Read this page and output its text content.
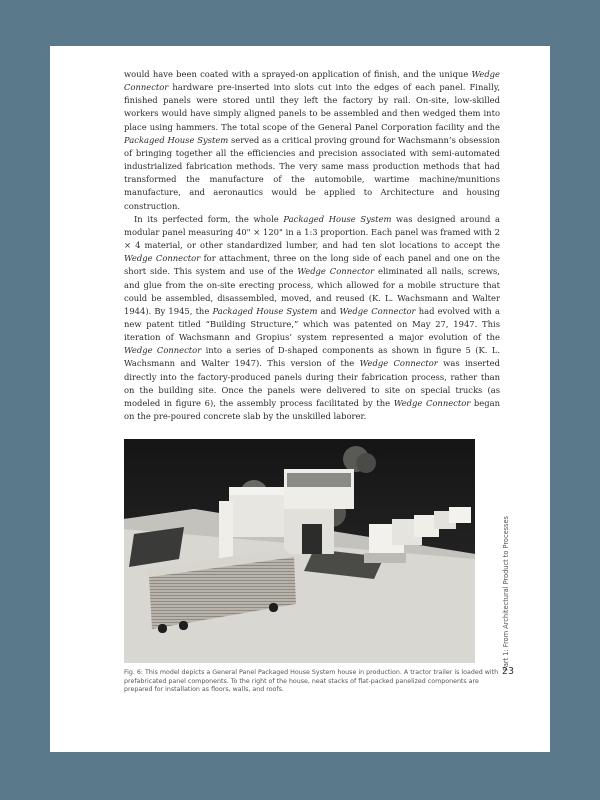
would have been coated with a sprayed-on application of finish, and the unique Wedge Connector hardware pre-inserted into slots cut into the edges of each panel. Finally, finished panels were stored until they left the factory by rail. On-site, low-skilled workers would have simply aligned panels to be assembled and then wedged them into place using hammers. The total scope of the General Panel Corporation facility and the Packaged House System served as a critical proving ground for Wachsmann’s obsession of bringing together all the efficiencies and precision associated with semi-automated industrialized fabrication methods. The very same mass production methods that had transformed the manufacture of the automobile, wartime machine/munitions manufacture, and aeronautics would be applied to Architecture and housing construction.

In its perfected form, the whole Packaged House System was designed around a modular panel measuring 40" × 120" in a 1:3 proportion. Each panel was framed with 2 × 4 material, or other standardized lumber, and had ten slot locations to accept the Wedge Connector for attachment, three on the long side of each panel and one on the short side. This system and use of the Wedge Connector eliminated all nails, screws, and glue from the on-site erecting process, which allowed for a mobile structure that could be assembled, disassembled, moved, and reused (K. L. Wachsmann and Walter 1944). By 1945, the Packaged House System and Wedge Connector had evolved with a new patent titled “Building Structure,” which was patented on May 27, 1947. This iteration of Wachsmann and Gropius’ system represented a major evolution of the Wedge Connector into a series of D-shaped components as shown in figure 5 (K. L. Wachsmann and Walter 1947). This version of the Wedge Connector was inserted directly into the factory-produced panels during their fabrication process, rather than on the building site. Once the panels were delivered to site on special trucks (as modeled in figure 6), the assembly process facilitated by the Wedge Connector began on the pre-poured concrete slab by the unskilled laborer.

Fig. 6: This model depicts a General Panel Packaged House System house in production. A tractor trailer is loaded with prefabricated panel components. To the right of the house, neat stacks of flat-packed panelized components are prepared for installation as floors, walls, and roofs.
Part 1: From Architectural Product to Processes
23
